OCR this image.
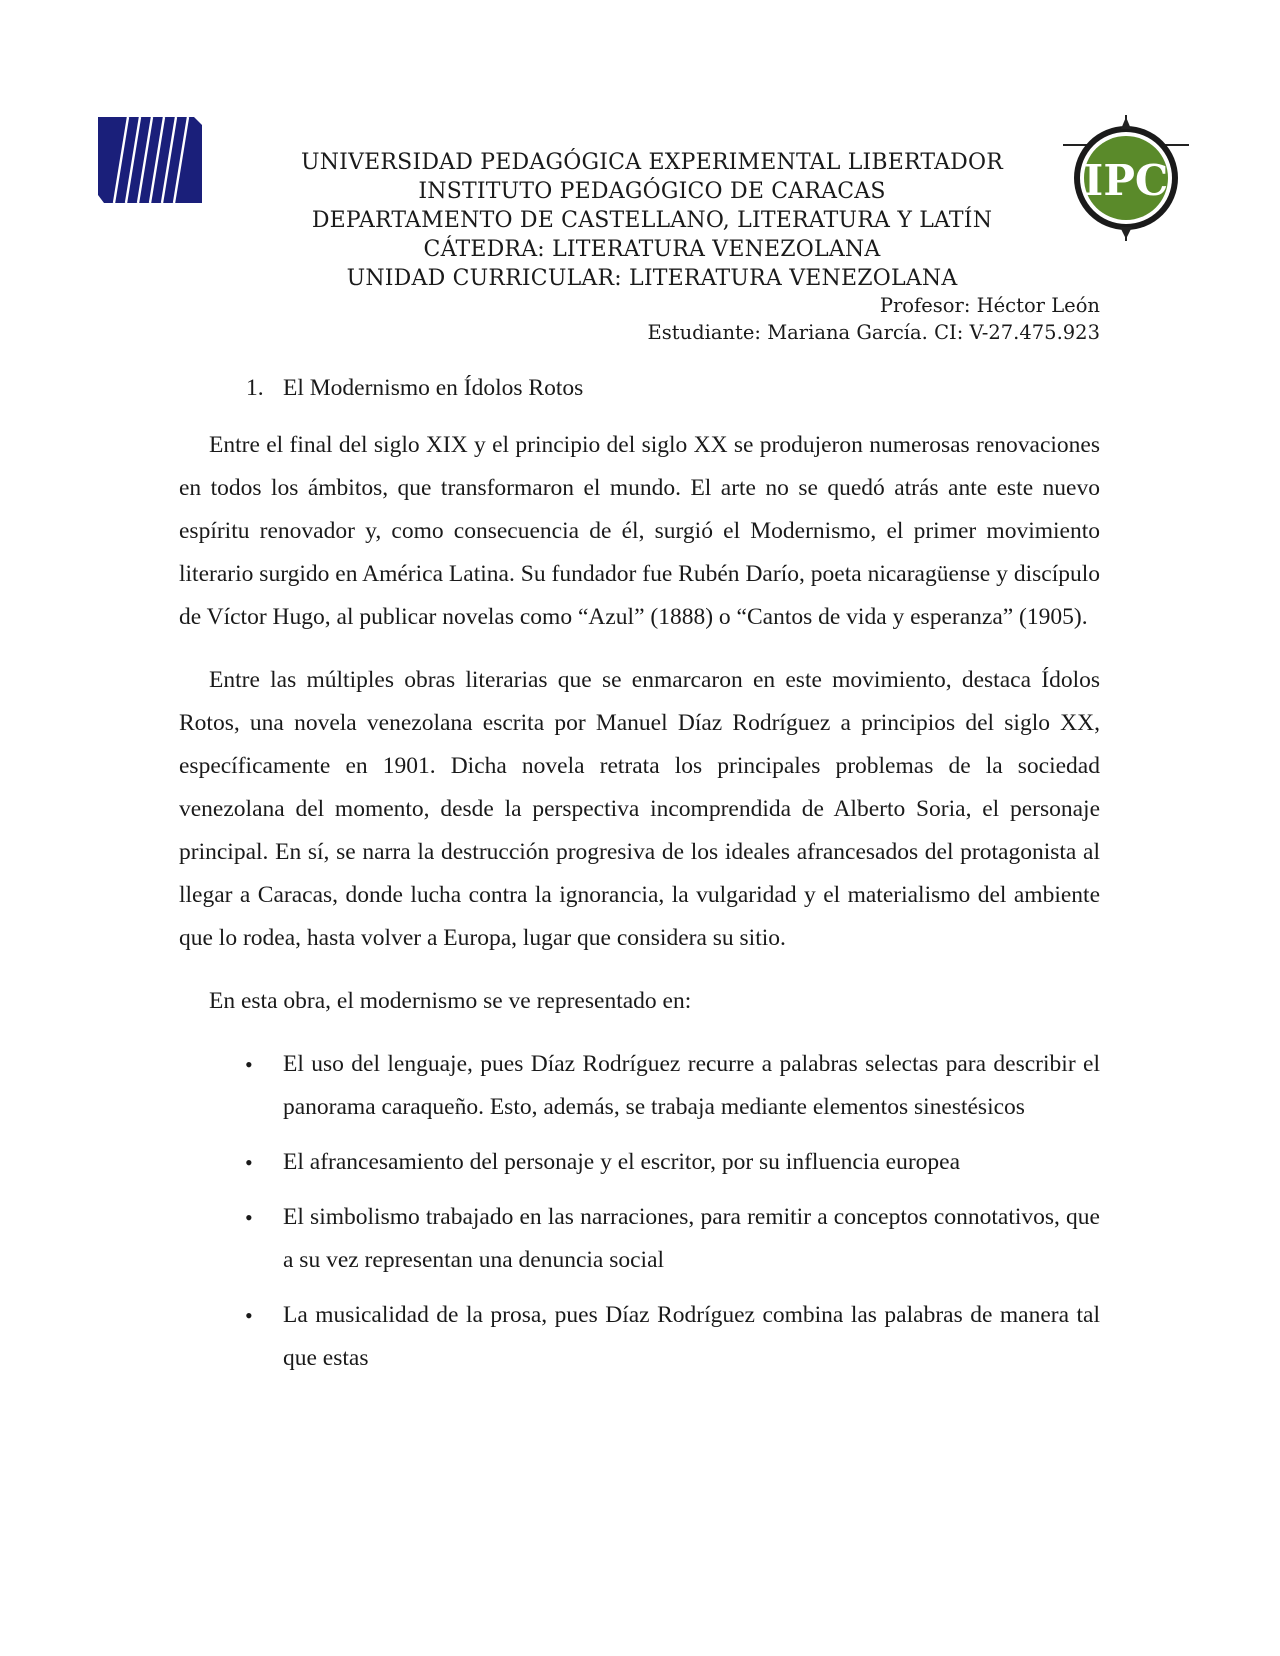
IPC
UNIVERSIDAD PEDAGÓGICA EXPERIMENTAL LIBERTADOR
INSTITUTO PEDAGÓGICO DE CARACAS
DEPARTAMENTO DE CASTELLANO, LITERATURA Y LATÍN
CÁTEDRA: LITERATURA VENEZOLANA
UNIDAD CURRICULAR: LITERATURA VENEZOLANA
Profesor: Héctor León
Estudiante: Mariana García. CI: V-27.475.923
1. El Modernismo en Ídolos Rotos

Entre el final del siglo XIX y el principio del siglo XX se produjeron numerosas renovaciones en todos los ámbitos, que transformaron el mundo. El arte no se quedó atrás ante este nuevo espíritu renovador y, como consecuencia de él, surgió el Modernismo, el primer movimiento literario surgido en América Latina. Su fundador fue Rubén Darío, poeta nicaragüense y discípulo de Víctor Hugo, al publicar novelas como “Azul” (1888) o “Cantos de vida y esperanza” (1905).

Entre las múltiples obras literarias que se enmarcaron en este movimiento, destaca Ídolos Rotos, una novela venezolana escrita por Manuel Díaz Rodríguez a principios del siglo XX, específicamente en 1901. Dicha novela retrata los principales problemas de la sociedad venezolana del momento, desde la perspectiva incomprendida de Alberto Soria, el personaje principal. En sí, se narra la destrucción progresiva de los ideales afrancesados del protagonista al llegar a Caracas, donde lucha contra la ignorancia, la vulgaridad y el materialismo del ambiente que lo rodea, hasta volver a Europa, lugar que considera su sitio.

En esta obra, el modernismo se ve representado en:

• El uso del lenguaje, pues Díaz Rodríguez recurre a palabras selectas para describir el panorama caraqueño. Esto, además, se trabaja mediante elementos sinestésicos
• El afrancesamiento del personaje y el escritor, por su influencia europea
• El simbolismo trabajado en las narraciones, para remitir a conceptos connotativos, que a su vez representan una denuncia social
• La musicalidad de la prosa, pues Díaz Rodríguez combina las palabras de manera tal que estas
